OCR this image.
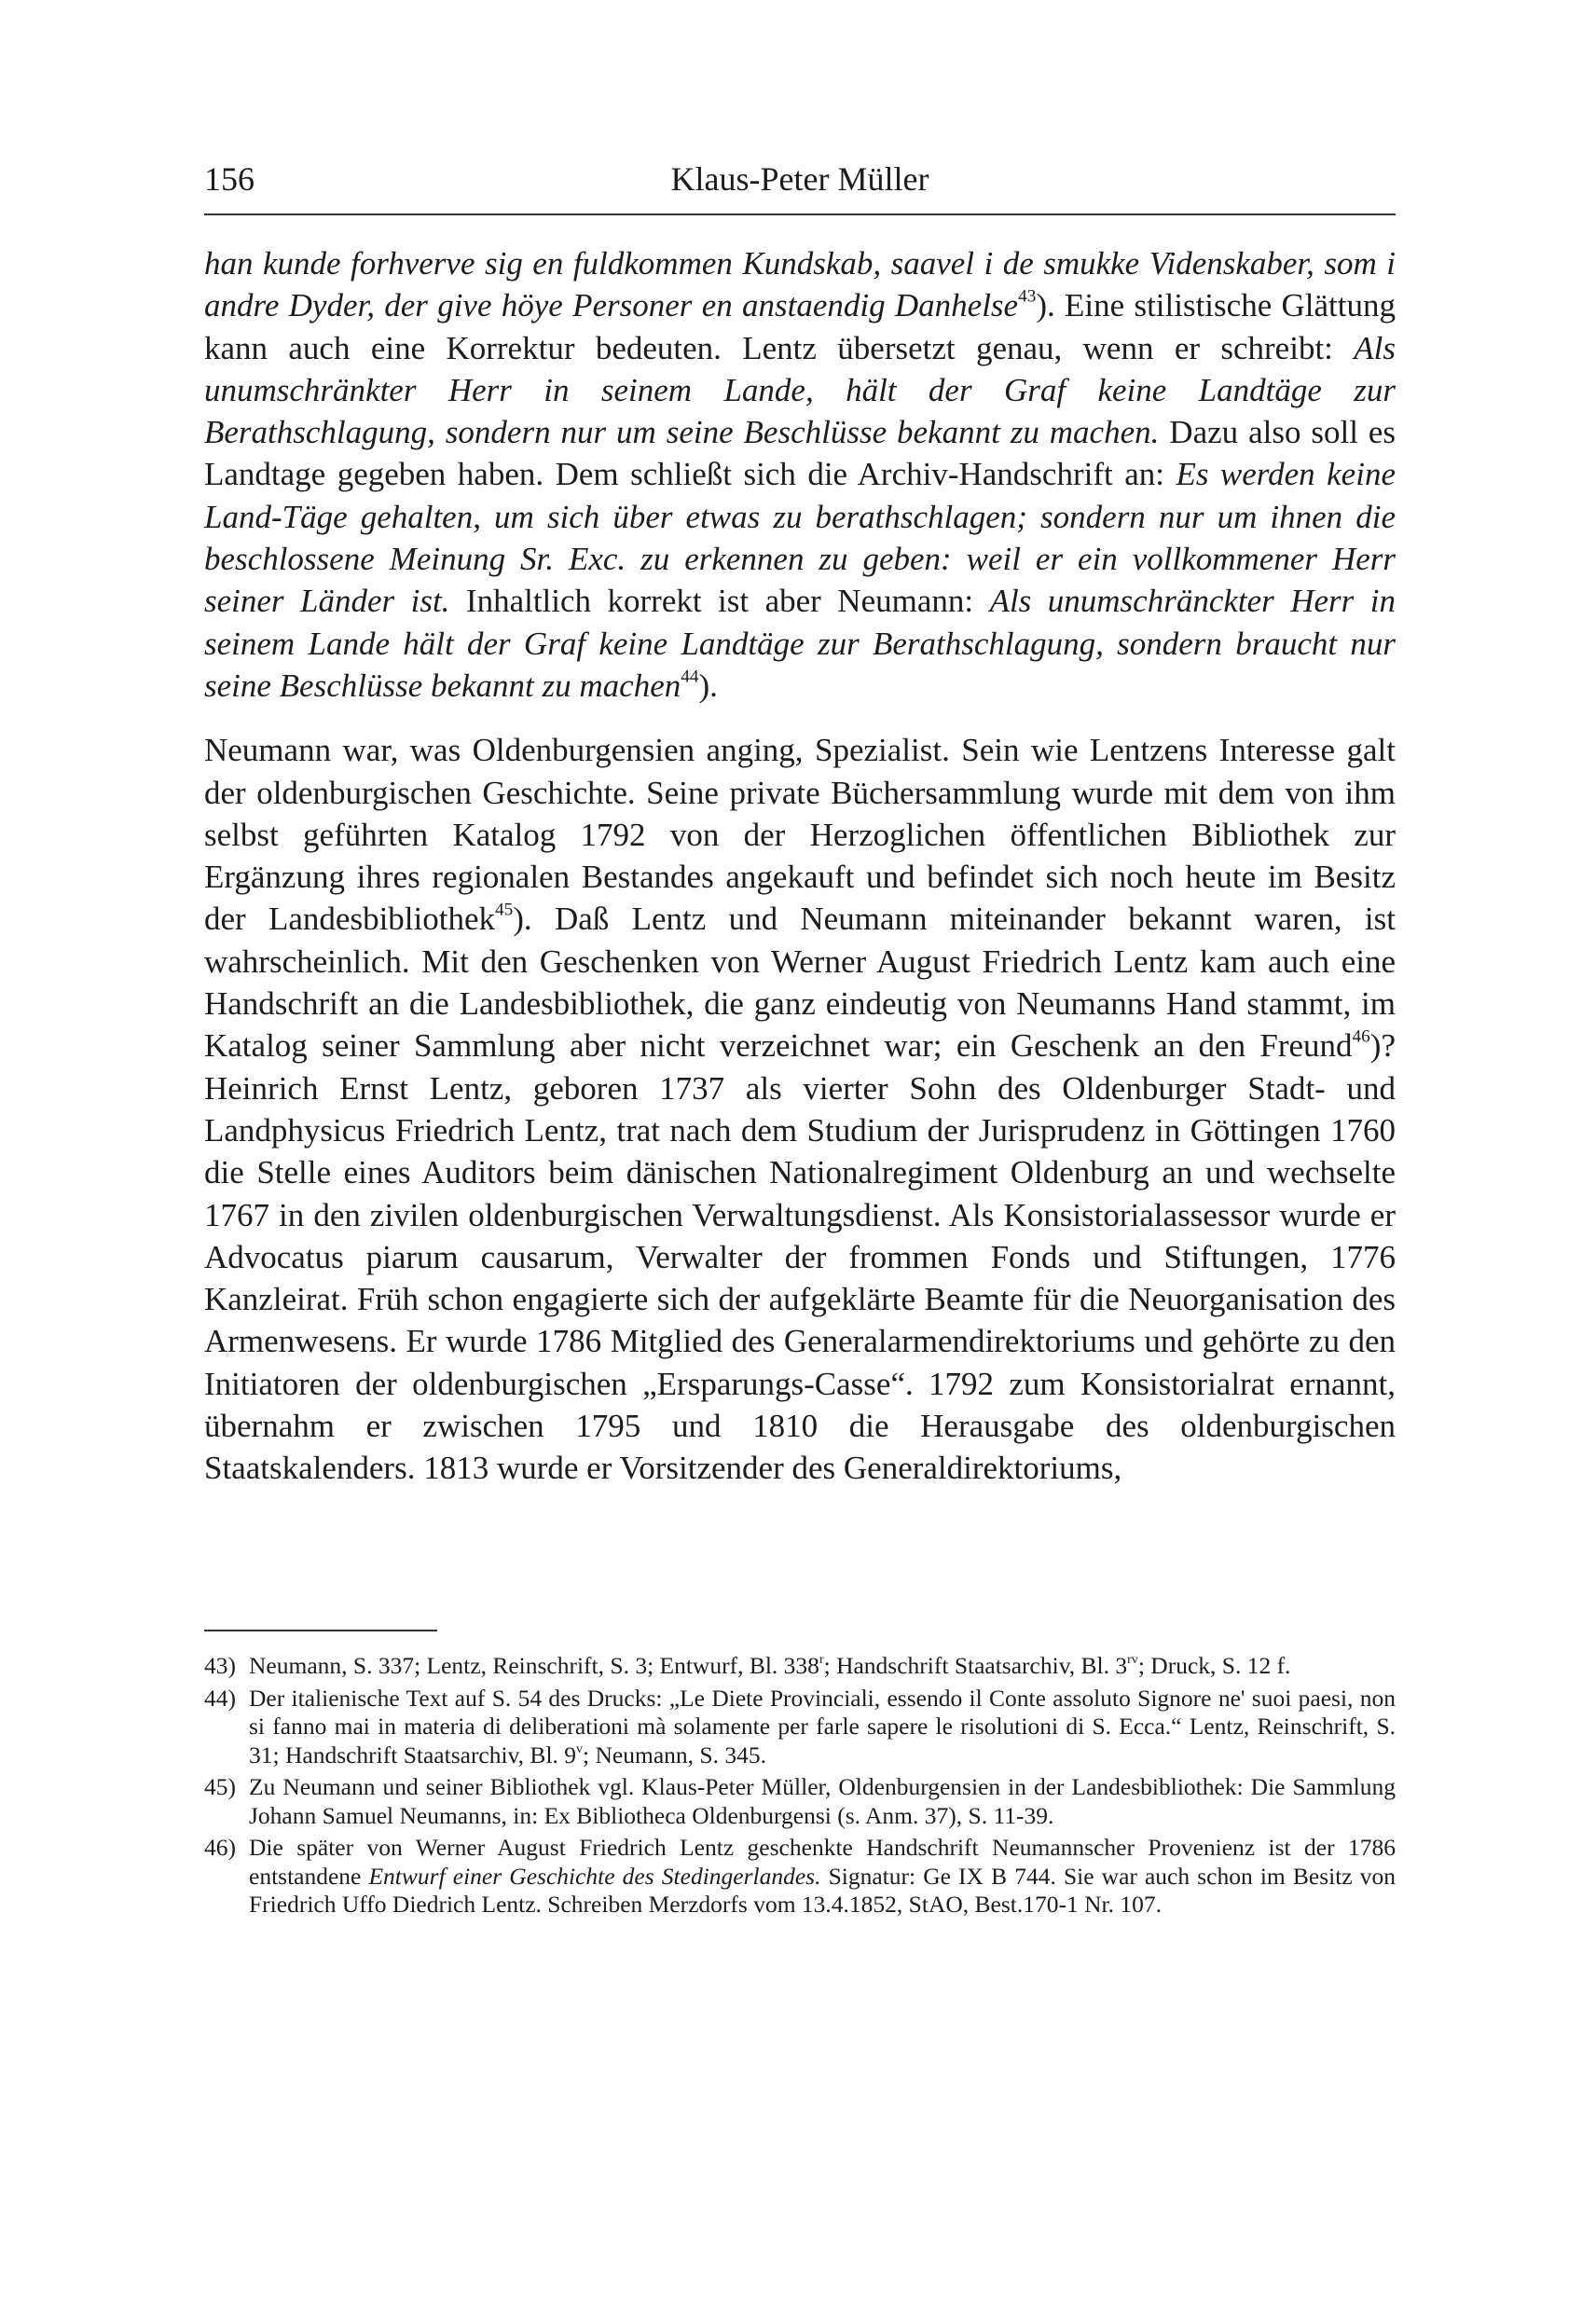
156	Klaus-Peter Müller

han kunde forhverve sig en fuldkommen Kundskab, saavel i de smukke Videnskaber, som i andre Dyder, der give höye Personer en anstaendig Danhelse$^{43}$). Eine stilistische Glättung kann auch eine Korrektur bedeuten. Lentz übersetzt genau, wenn er schreibt: Als unumschränkter Herr in seinem Lande, hält der Graf keine Landtäge zur Berathschlagung, sondern nur um seine Beschlüsse bekannt zu machen. Dazu also soll es Landtage gegeben haben. Dem schließt sich die Archiv-Handschrift an: Es werden keine Land-Täge gehalten, um sich über etwas zu berathschlagen; sondern nur um ihnen die beschlossene Meinung Sr. Exc. zu erkennen zu geben: weil er ein vollkommener Herr seiner Länder ist. Inhaltlich korrekt ist aber Neumann: Als unumschränckter Herr in seinem Lande hält der Graf keine Landtäge zur Berathschlagung, sondern braucht nur seine Beschlüsse bekannt zu machen$^{44}$).

Neumann war, was Oldenburgensien anging, Spezialist. Sein wie Lentzens Interesse galt der oldenburgischen Geschichte. Seine private Büchersammlung wurde mit dem von ihm selbst geführten Katalog 1792 von der Herzoglichen öffentlichen Bibliothek zur Ergänzung ihres regionalen Bestandes angekauft und befindet sich noch heute im Besitz der Landesbibliothek$^{45}$). Daß Lentz und Neumann miteinander bekannt waren, ist wahrscheinlich. Mit den Geschenken von Werner August Friedrich Lentz kam auch eine Handschrift an die Landesbibliothek, die ganz eindeutig von Neumanns Hand stammt, im Katalog seiner Sammlung aber nicht verzeichnet war; ein Geschenk an den Freund$^{46}$)? Heinrich Ernst Lentz, geboren 1737 als vierter Sohn des Oldenburger Stadt- und Landphysicus Friedrich Lentz, trat nach dem Studium der Jurisprudenz in Göttingen 1760 die Stelle eines Auditors beim dänischen Nationalregiment Oldenburg an und wechselte 1767 in den zivilen oldenburgischen Verwaltungsdienst. Als Konsistorialassessor wurde er Advocatus piarum causarum, Verwalter der frommen Fonds und Stiftungen, 1776 Kanzleirat. Früh schon engagierte sich der aufgeklärte Beamte für die Neuorganisation des Armenwesens. Er wurde 1786 Mitglied des Generalarmendirektoriums und gehörte zu den Initiatoren der oldenburgischen „Ersparungs-Casse“. 1792 zum Konsistorialrat ernannt, übernahm er zwischen 1795 und 1810 die Herausgabe des oldenburgischen Staatskalenders. 1813 wurde er Vorsitzender des Generaldirektoriums,

43) Neumann, S. 337; Lentz, Reinschrift, S. 3; Entwurf, Bl. 338$^r$; Handschrift Staatsarchiv, Bl. $3^{rv}$; Druck, S. 12 f.
44) Der italienische Text auf S. 54 des Drucks: „Le Diete Provinciali, essendo il Conte assoluto Signore ne' suoi paesi, non si fanno mai in materia di deliberationi mà solamente per farle sapere le risolutioni di S. Ecca.“ Lentz, Reinschrift, S. 31; Handschrift Staatsarchiv, Bl. 9$^v$; Neumann, S. 345.
45) Zu Neumann und seiner Bibliothek vgl. Klaus-Peter Müller, Oldenburgensien in der Landesbibliothek: Die Sammlung Johann Samuel Neumanns, in: Ex Bibliotheca Oldenburgensi (s. Anm. 37), S. 11-39.
46) Die später von Werner August Friedrich Lentz geschenkte Handschrift Neumannscher Provenienz ist der 1786 entstandene Entwurf einer Geschichte des Stedingerlandes. Signatur: Ge IX B 744. Sie war auch schon im Besitz von Friedrich Uffo Diedrich Lentz. Schreiben Merzdorfs vom 13.4.1852, StAO, Best.170-1 Nr. 107.
